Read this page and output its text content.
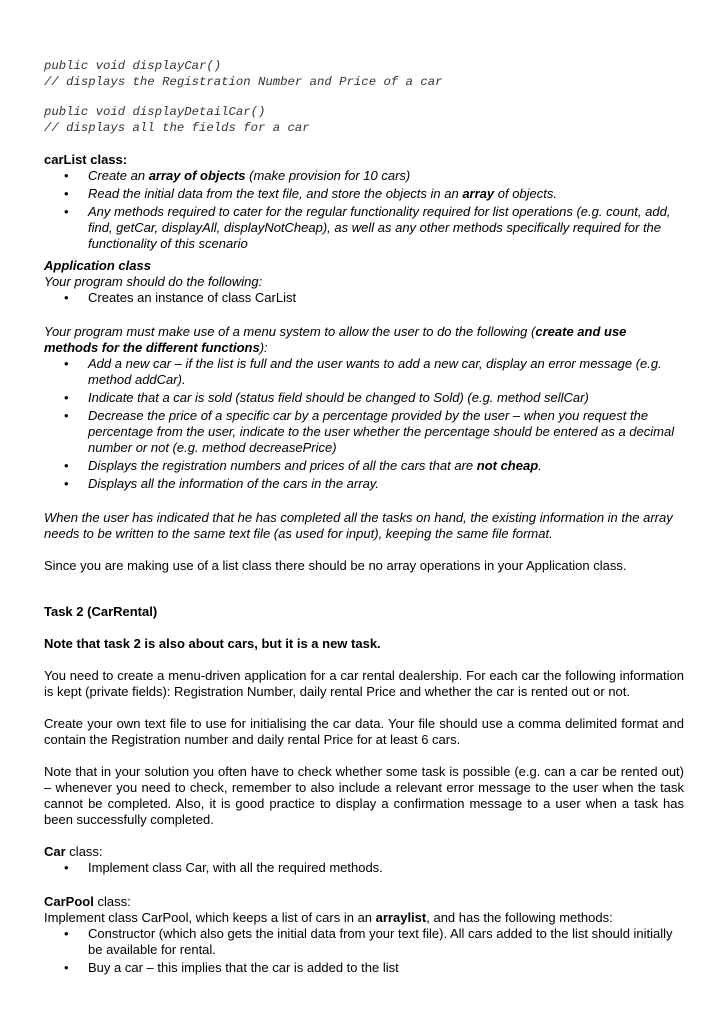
public void displayCar()
// displays the Registration Number and Price of a car
public void displayDetailCar()
// displays all the fields for a car

carList class:

• Create an array of objects (make provision for 10 cars)
• Read the initial data from the text file, and store the objects in an array of objects.
• Any methods required to cater for the regular functionality required for list operations (e.g. count, add, find, getCar, displayAll, displayNotCheap), as well as any other methods specifically required for the functionality of this scenario

Application class

Your program should do the following:

• Creates an instance of class CarList

Your program must make use of a menu system to allow the user to do the following (create and use methods for the different functions):

• Add a new car – if the list is full and the user wants to add a new car, display an error message (e.g. method addCar).
• Indicate that a car is sold (status field should be changed to Sold) (e.g. method sellCar)
• Decrease the price of a specific car by a percentage provided by the user – when you request the percentage from the user, indicate to the user whether the percentage should be entered as a decimal number or not (e.g. method decreasePrice)
• Displays the registration numbers and prices of all the cars that are not cheap.
• Displays all the information of the cars in the array.

When the user has indicated that he has completed all the tasks on hand, the existing information in the array needs to be written to the same text file (as used for input), keeping the same file format.

Since you are making use of a list class there should be no array operations in your Application class.

Task 2 (CarRental)

Note that task 2 is also about cars, but it is a new task.

You need to create a menu-driven application for a car rental dealership. For each car the following information is kept (private fields): Registration Number, daily rental Price and whether the car is rented out or not.

Create your own text file to use for initialising the car data. Your file should use a comma delimited format and contain the Registration number and daily rental Price for at least 6 cars.

Note that in your solution you often have to check whether some task is possible (e.g. can a car be rented out) – whenever you need to check, remember to also include a relevant error message to the user when the task cannot be completed. Also, it is good practice to display a confirmation message to a user when a task has been successfully completed.

Car class:

• Implement class Car, with all the required methods.

CarPool class:

Implement class CarPool, which keeps a list of cars in an arraylist, and has the following methods:

• Constructor (which also gets the initial data from your text file). All cars added to the list should initially be available for rental.
• Buy a car – this implies that the car is added to the list
